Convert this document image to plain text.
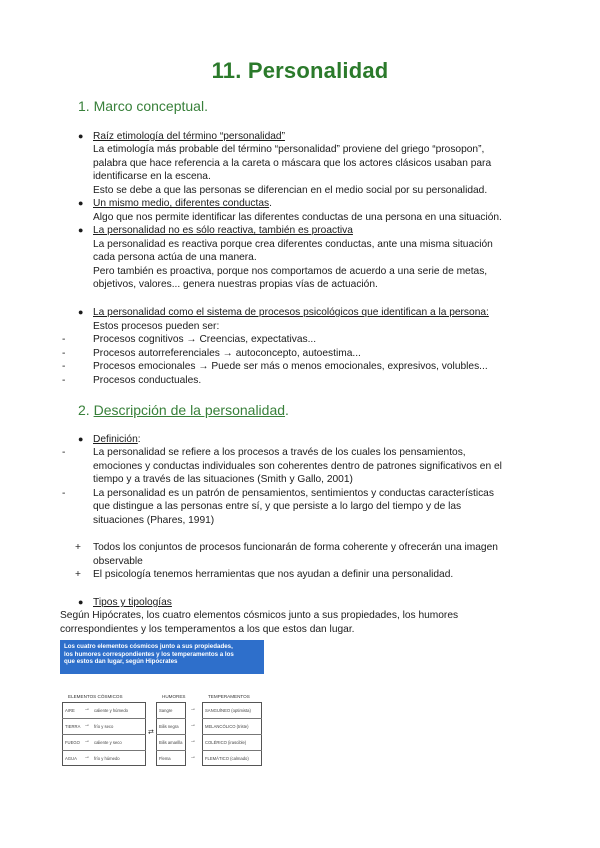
11. Personalidad
1. Marco conceptual.
● Raíz etimología del término “personalidad”
La etimología más probable del término “personalidad” proviene del griego “prosopon”,
palabra que hace referencia a la careta o máscara que los actores clásicos usaban para
identificarse en la escena.
Esto se debe a que las personas se diferencian en el medio social por su personalidad.
● Un mismo medio, diferentes conductas.
Algo que nos permite identificar las diferentes conductas de una persona en una situación.
● La personalidad no es sólo reactiva, también es proactiva
La personalidad es reactiva porque crea diferentes conductas, ante una misma situación
cada persona actúa de una manera.
Pero también es proactiva, porque nos comportamos de acuerdo a una serie de metas,
objetivos, valores... genera nuestras propias vías de actuación.
● La personalidad como el sistema de procesos psicológicos que identifican a la persona:
Estos procesos pueden ser:
-	Procesos cognitivos → Creencias, expectativas...
-	Procesos autorreferenciales → autoconcepto, autoestima...
-	Procesos emocionales → Puede ser más o menos emocionales, expresivos, volubles...
-	Procesos conductuales.
2. Descripción de la personalidad.
● Definición:
-	La personalidad se refiere a los procesos a través de los cuales los pensamientos,
emociones y conductas individuales son coherentes dentro de patrones significativos en el
tiempo y a través de las situaciones (Smith y Gallo, 2001)
-	La personalidad es un patrón de pensamientos, sentimientos y conductas características
que distingue a las personas entre sí, y que persiste a lo largo del tiempo y de las
situaciones (Phares, 1991)
+ Todos los conjuntos de procesos funcionarán de forma coherente y ofrecerán una imagen
observable
+ El psicología tenemos herramientas que nos ayudan a definir una personalidad.
● Tipos y tipologías
Según Hipócrates, los cuatro elementos cósmicos junto a sus propiedades, los humores
correspondientes y los temperamentos a los que estos dan lugar.
Los cuatro elementos cósmicos junto a sus propiedades,
los humores correspondientes y los temperamentos a los
que estos dan lugar, según Hipócrates
ELEMENTOS CÓSMICOS	HUMORES	TEMPERAMENTOS
AIRE → caliente y húmedo	Sangre	→ SANGUÍNEO (optimista)
TIERRA → frío y seco	Bilis negra → MELANCÓLICO (triste)
⇄
FUEGO → caliente y seco	Bilis amarilla → COLÉRICO (irascible)
AGUA → frío y húmedo	Flema	→ FLEMÁTICO (calmado)
